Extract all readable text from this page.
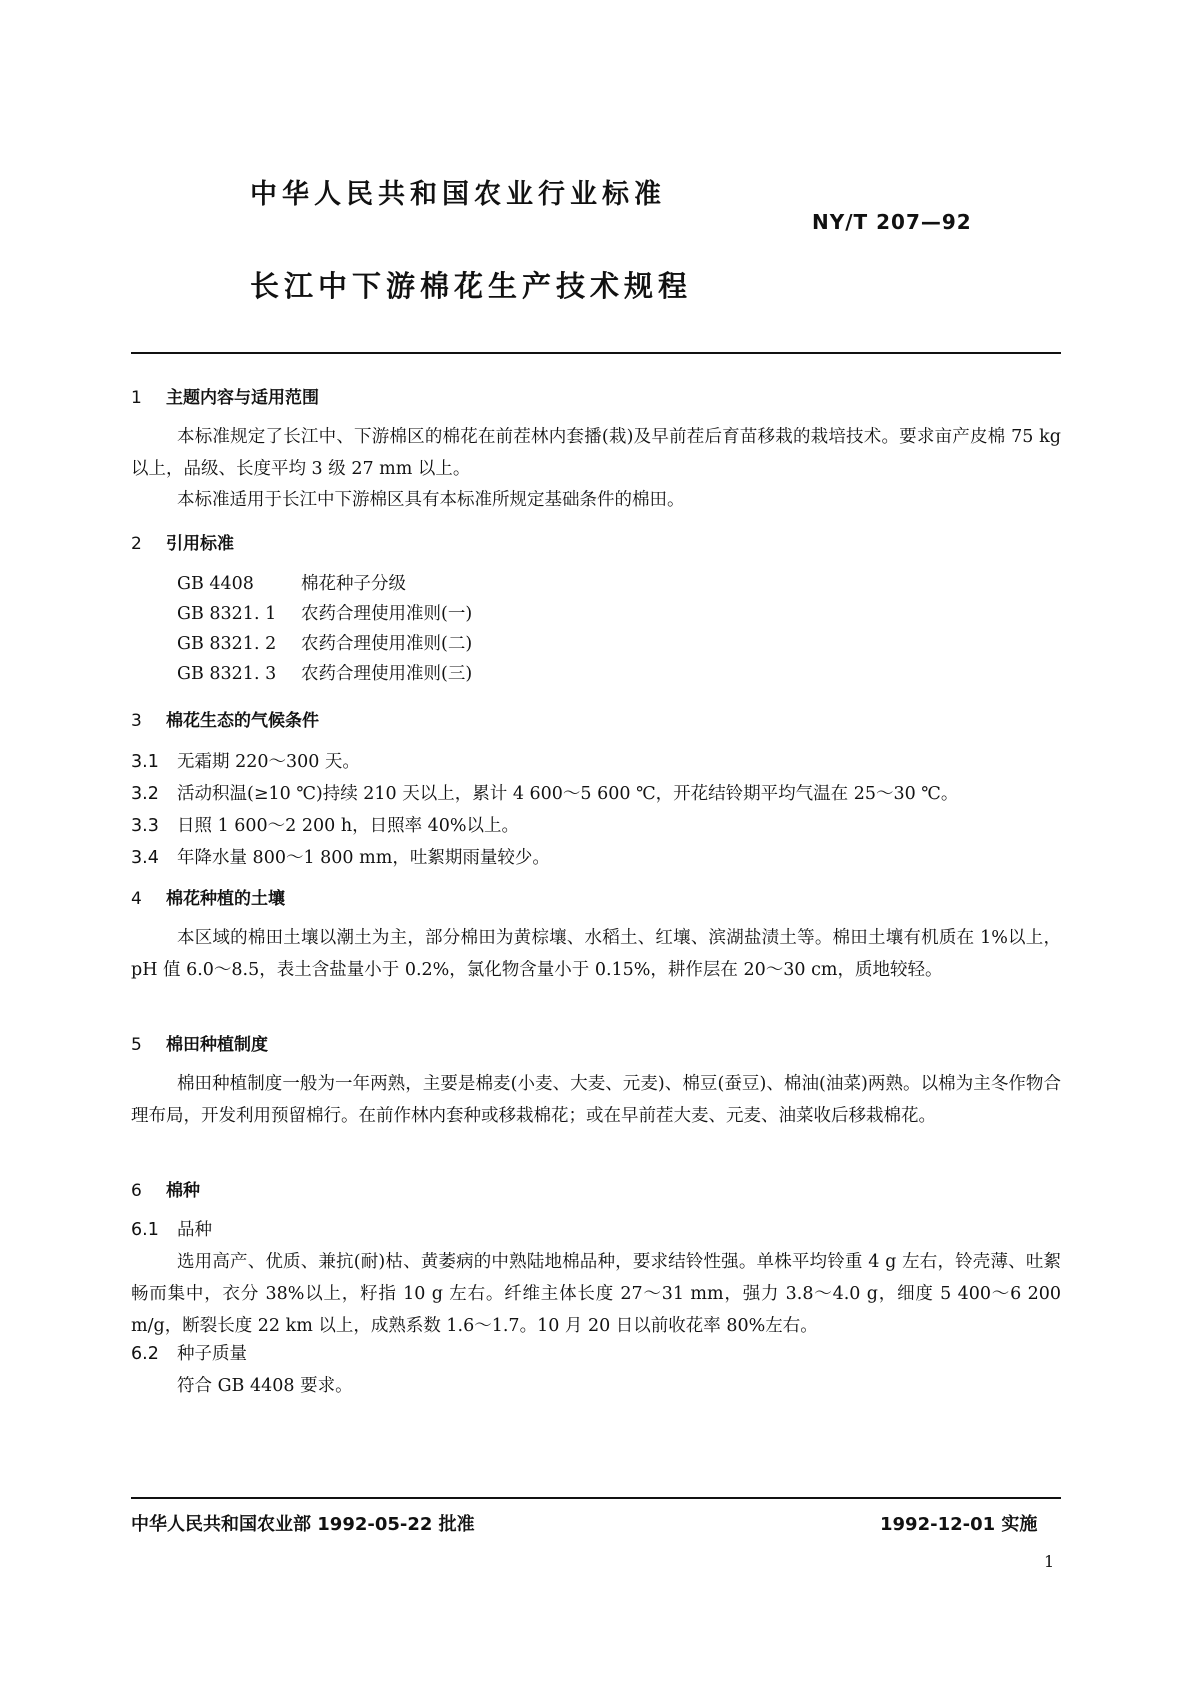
中华人民共和国农业行业标准
NY/T 207—92
长江中下游棉花生产技术规程
1 主题内容与适用范围
本标准规定了长江中、下游棉区的棉花在前茬林内套播(栽)及早前茬后育苗移栽的栽培技术。要求亩产皮棉 75 kg 以上，品级、长度平均 3 级 27 mm 以上。
本标准适用于长江中下游棉区具有本标准所规定基础条件的棉田。
2 引用标准
GB 4408	棉花种子分级
GB 8321. 1 农药合理使用准则(一)
GB 8321. 2 农药合理使用准则(二)
GB 8321. 3 农药合理使用准则(三)
3 棉花生态的气候条件
3.1 无霜期 220～300 天。
3.2 活动积温(≥10 ℃)持续 210 天以上，累计 4 600～5 600 ℃，开花结铃期平均气温在 25～30 ℃。
3.3 日照 1 600～2 200 h，日照率 40%以上。
3.4 年降水量 800～1 800 mm，吐絮期雨量较少。
4 棉花种植的土壤
本区域的棉田土壤以潮土为主，部分棉田为黄棕壤、水稻土、红壤、滨湖盐渍土等。棉田土壤有机质在 1%以上，pH 值 6.0～8.5，表土含盐量小于 0.2%，氯化物含量小于 0.15%，耕作层在 20～30 cm，质地较轻。
5 棉田种植制度
棉田种植制度一般为一年两熟，主要是棉麦(小麦、大麦、元麦)、棉豆(蚕豆)、棉油(油菜)两熟。以棉为主冬作物合理布局，开发利用预留棉行。在前作林内套种或移栽棉花；或在早前茬大麦、元麦、油菜收后移栽棉花。
6 棉种
6.1 品种
选用高产、优质、兼抗(耐)枯、黄萎病的中熟陆地棉品种，要求结铃性强。单株平均铃重 4 g 左右，铃壳薄、吐絮畅而集中，衣分 38%以上，籽指 10 g 左右。纤维主体长度 27～31 mm，强力 3.8～4.0 g，细度 5 400～6 200 m/g，断裂长度 22 km 以上，成熟系数 1.6～1.7。10 月 20 日以前收花率 80%左右。
6.2 种子质量
符合 GB 4408 要求。
中华人民共和国农业部 1992-05-22 批准	1992-12-01 实施
1
